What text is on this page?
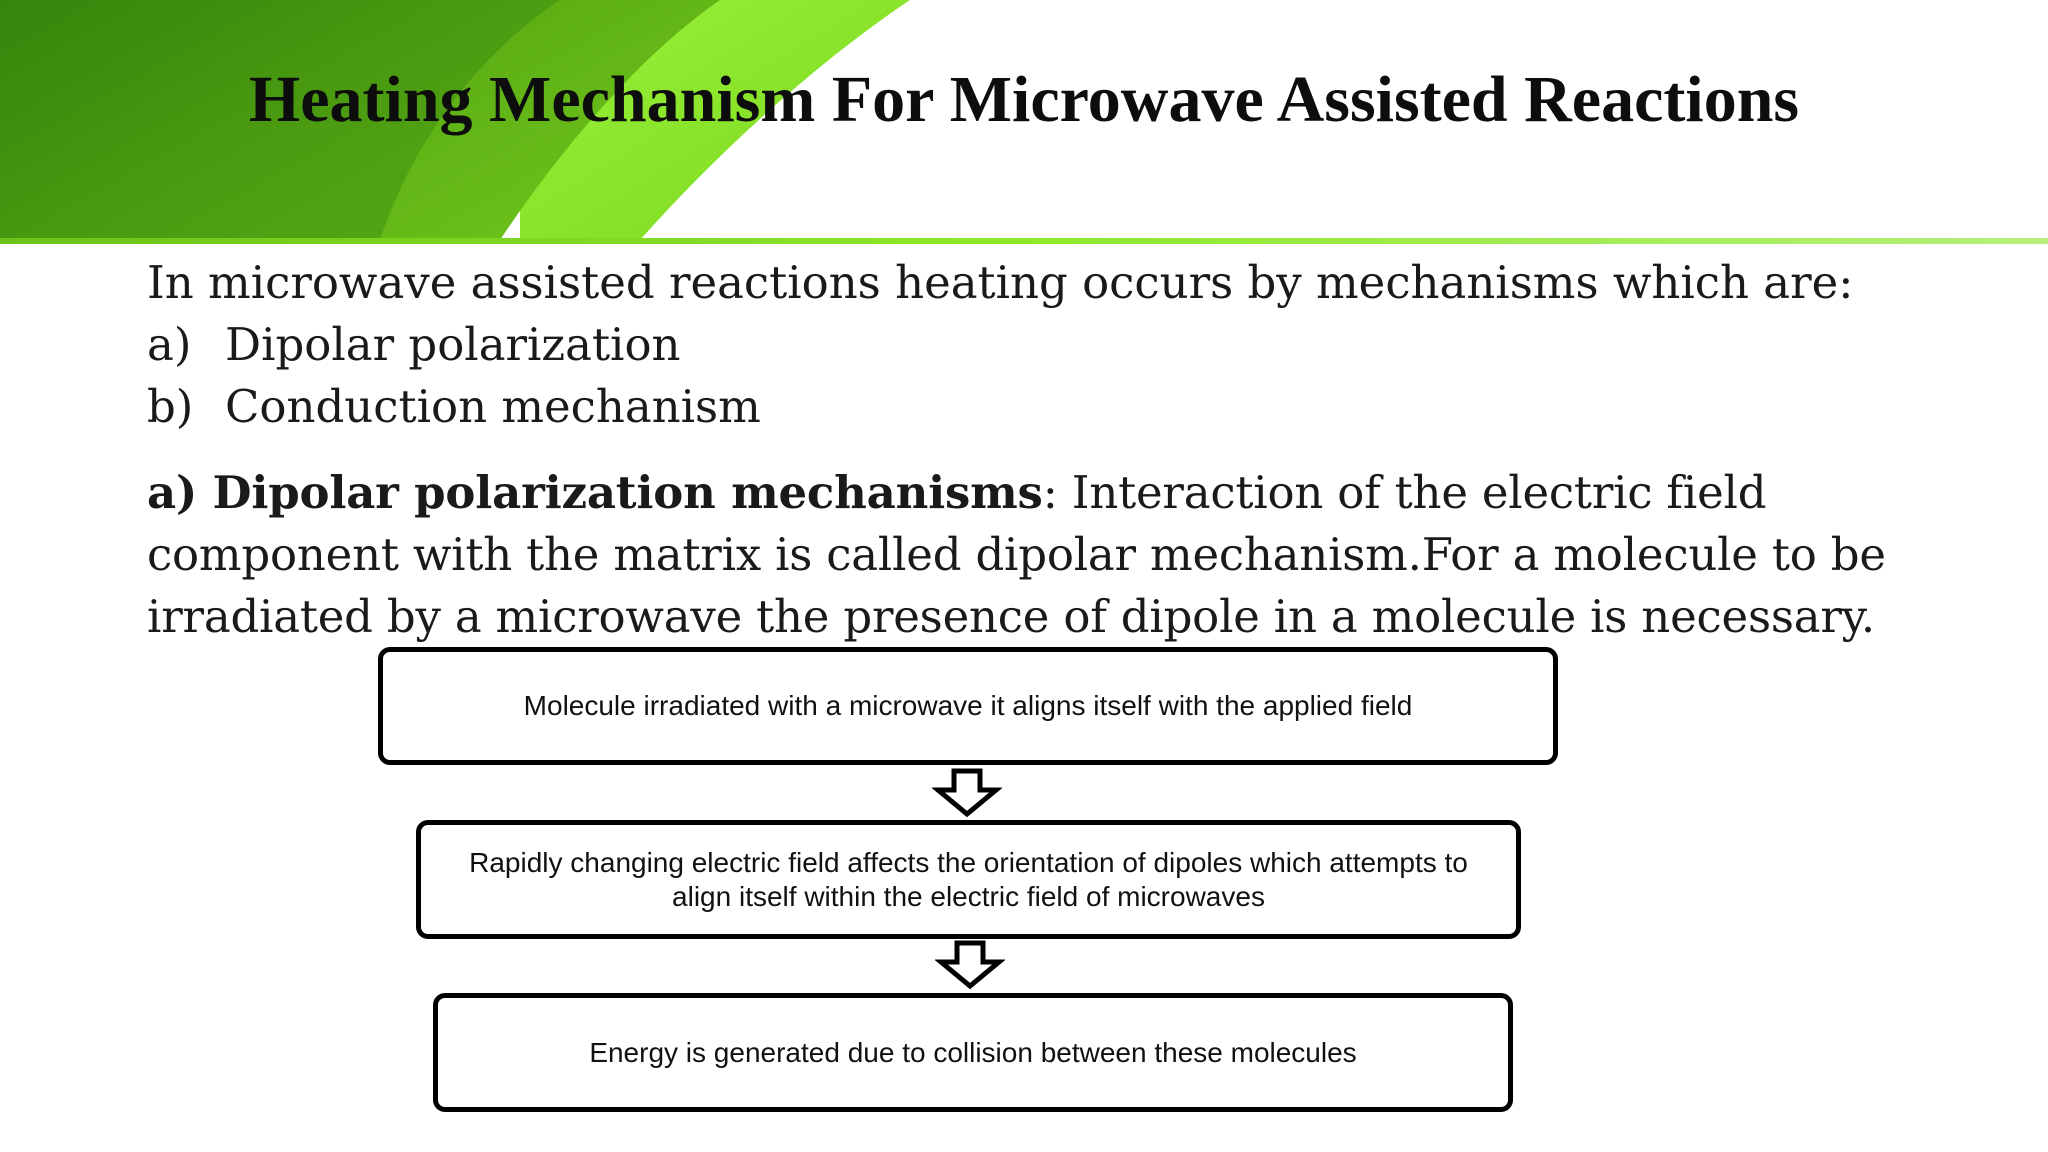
Heating Mechanism For Microwave Assisted Reactions
In microwave assisted reactions heating occurs by mechanisms which are:
a) Dipolar polarization
b) Conduction mechanism
a) Dipolar polarization mechanisms: Interaction of the electric field component with the matrix is called dipolar mechanism.For a molecule to be irradiated by a microwave the presence of dipole in a molecule is necessary.
Molecule irradiated with a microwave it aligns itself with the applied field
Rapidly changing electric field affects the orientation of dipoles which attempts to align itself within the electric field of microwaves
Energy is generated due to collision between these molecules
